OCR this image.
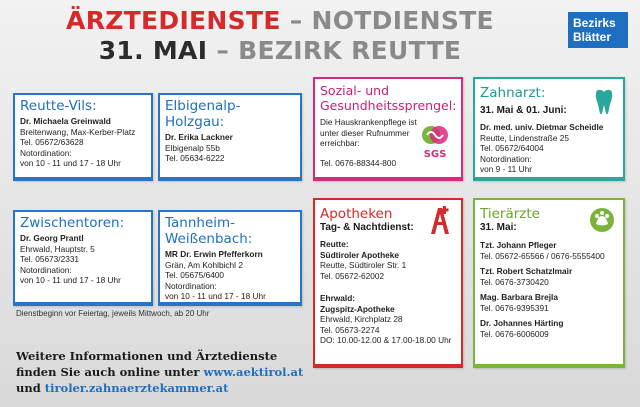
ÄRZTEDIENSTE – NOTDIENSTE
31. MAI – BEZIRK REUTTE
Bezirks
Blätter
Reutte-Vils:
Dr. Michaela Greinwald
Breitenwang, Max-Kerber-Platz
Tel. 05672/63628
Notordination:
von 10 - 11 und 17 - 18 Uhr
Elbigenalp-Holzgau:
Dr. Erika Lackner
Elbigenalp 55b
Tel. 05634-6222
Sozial- und
Gesundheitssprengel:
Die Hauskrankenpflege ist
unter dieser Rufnummer
erreichbar:
Tel. 0676-88344-800
SGS
Zahnarzt:
31. Mai & 01. Juni:
Dr. med. univ. Dietmar Scheidle
Reutte, Lindenstraße 25
Tel. 05672/64004
Notordination:
von 9 - 11 Uhr
Zwischentoren:
Dr. Georg Prantl
Ehrwald, Hauptstr. 5
Tel. 05673/2331
Notordination:
von 10 - 11 und 17 - 18 Uhr
Tannheim-Weißenbach:
MR Dr. Erwin Pfefferkorn
Grän, Am Kohlbichl 2
Tel. 05675/6400
Notordination:
von 10 - 11 und 17 - 18 Uhr
Apotheken
Tag- & Nachtdienst:
Reutte:
Südtiroler Apotheke
Reutte, Südtiroler Str. 1
Tel. 05672-62002
Ehrwald:
Zugspitz-Apotheke
Ehrwald, Kirchplatz 28
Tel. 05673-2274
DO: 10.00-12.00 & 17.00-18.00 Uhr
Tierärzte
31. Mai:
Tzt. Johann Pfleger
Tel. 05672-65566 / 0676-5555400
Tzt. Robert Schatzlmair
Tel. 0676-3730420
Mag. Barbara Brejla
Tel. 0676-9395391
Dr. Johannes Härting
Tel. 0676-6006009
Dienstbeginn vor Feiertag, jeweils Mittwoch, ab 20 Uhr
Weitere Informationen und Ärztedienste
finden Sie auch online unter www.aektirol.at
und tiroler.zahnaerztekammer.at
